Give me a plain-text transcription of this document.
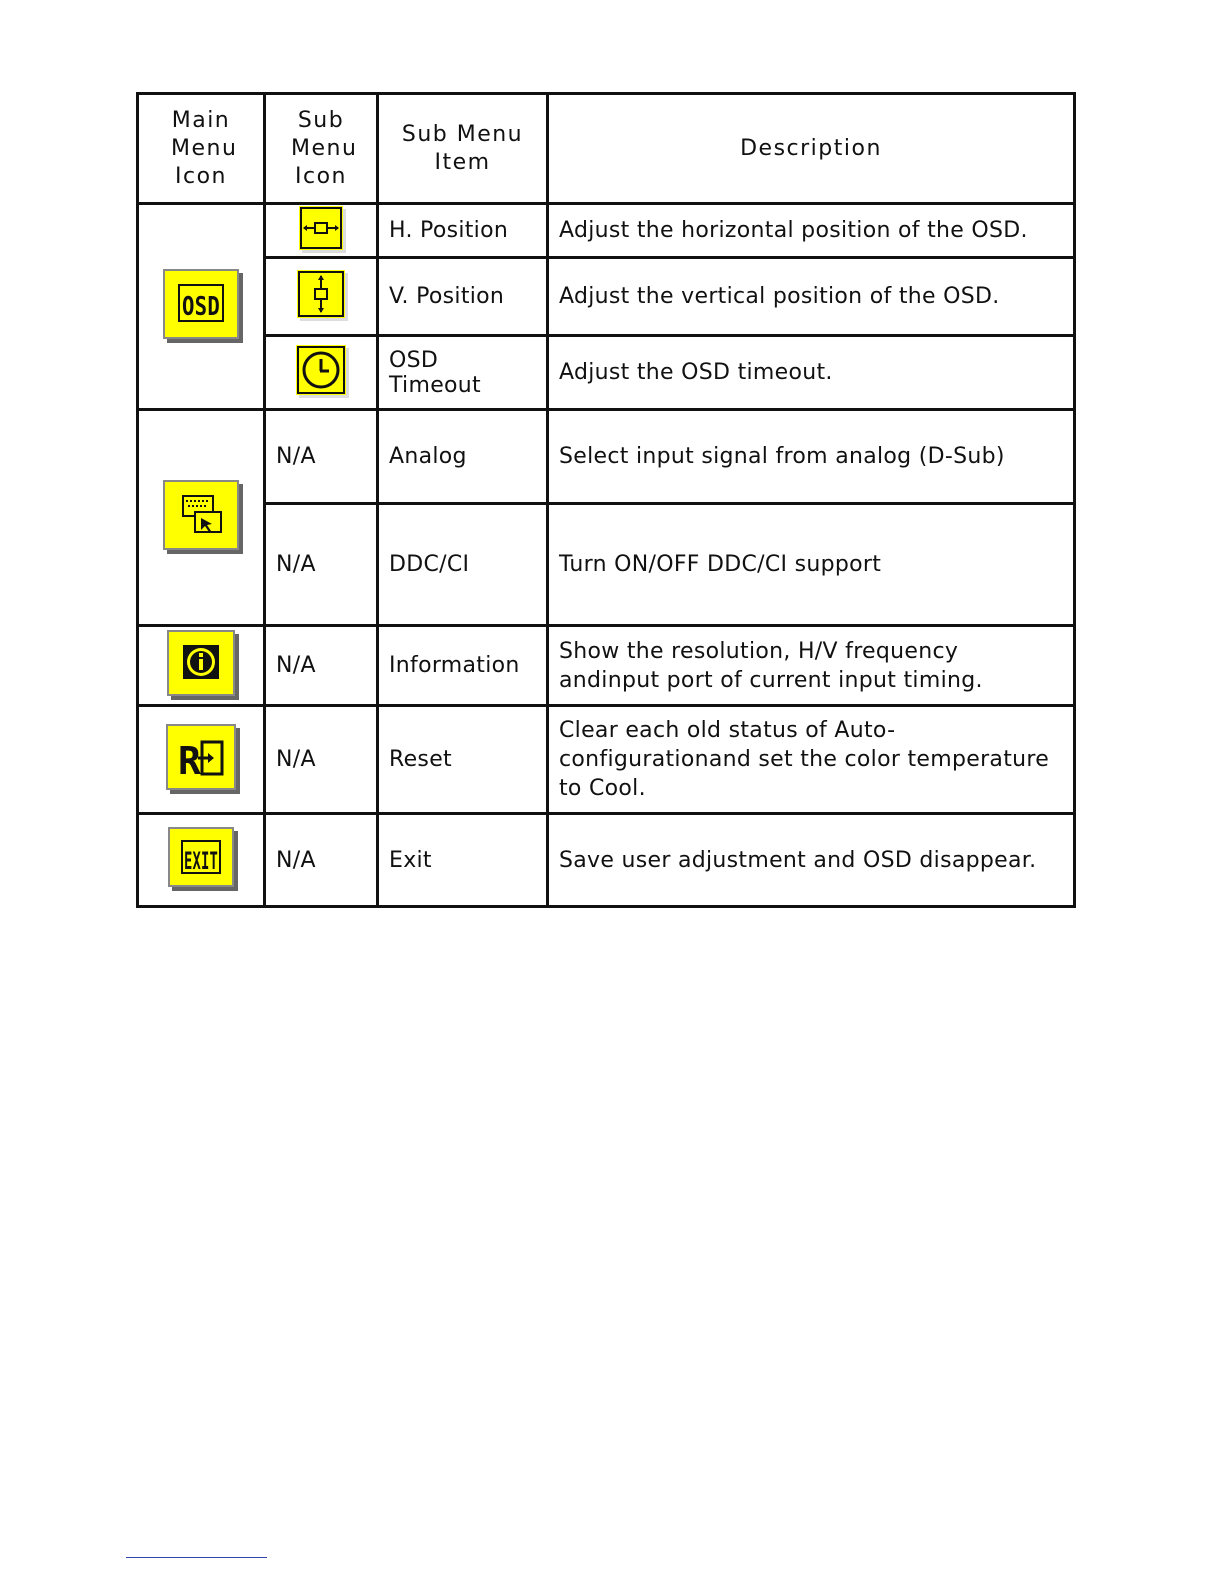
Main Menu Icon	Sub Menu Icon	Sub Menu Item	Description

OSD		H. Position	Adjust the horizontal position of the OSD.

	V. Position	Adjust the vertical position of the OSD.

	OSD Timeout	Adjust the OSD timeout.

	N/A	Analog	Select input signal from analog (D-Sub)
	N/A	DDC/CI	Turn ON/OFF DDC/CI support

	N/A	Information	Show the resolution, H/V frequency andinput port of current input timing.

R	N/A	Reset	Clear each old status of Auto-configurationand set the color temperature to Cool.

EXIT	N/A	Exit	Save user adjustment and OSD disappear.
